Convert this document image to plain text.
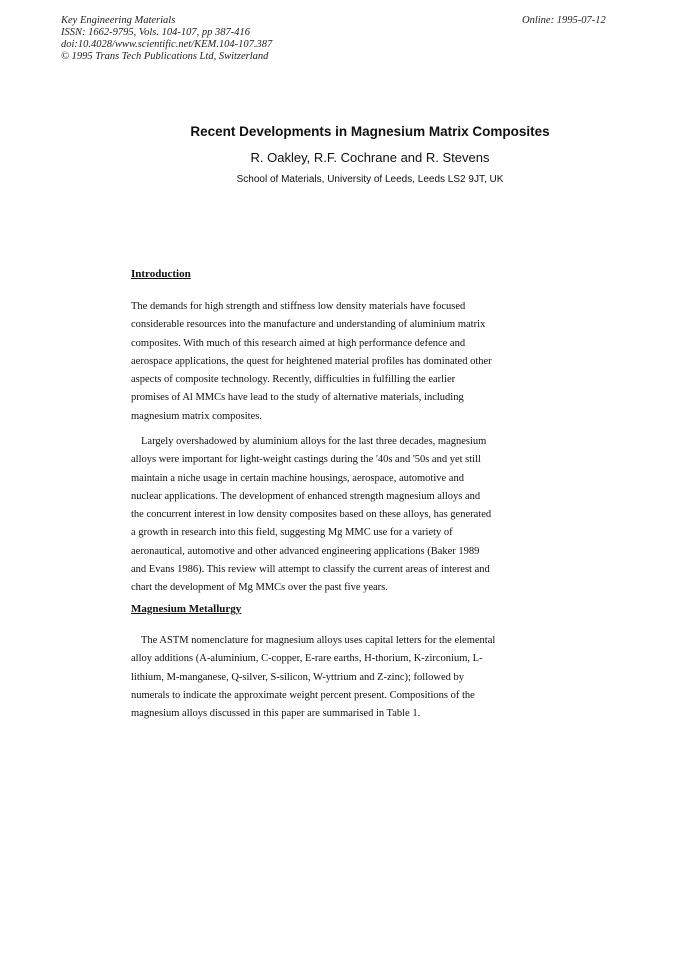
Key Engineering Materials
ISSN: 1662-9795, Vols. 104-107, pp 387-416
doi:10.4028/www.scientific.net/KEM.104-107.387
© 1995 Trans Tech Publications Ltd, Switzerland
Online: 1995-07-12
Recent Developments in Magnesium Matrix Composites
R. Oakley, R.F. Cochrane and R. Stevens
School of Materials, University of Leeds, Leeds LS2 9JT, UK
Introduction

The demands for high strength and stiffness low density materials have focused
considerable resources into the manufacture and understanding of aluminium matrix
composites. With much of this research aimed at high performance defence and
aerospace applications, the quest for heightened material profiles has dominated other
aspects of composite technology. Recently, difficulties in fulfilling the earlier
promises of Al MMCs have lead to the study of alternative materials, including
magnesium matrix composites.

Largely overshadowed by aluminium alloys for the last three decades, magnesium
alloys were important for light-weight castings during the '40s and '50s and yet still
maintain a niche usage in certain machine housings, aerospace, automotive and
nuclear applications. The development of enhanced strength magnesium alloys and
the concurrent interest in low density composites based on these alloys, has generated
a growth in research into this field, suggesting Mg MMC use for a variety of
aeronautical, automotive and other advanced engineering applications (Baker 1989
and Evans 1986). This review will attempt to classify the current areas of interest and
chart the development of Mg MMCs over the past five years.

Magnesium Metallurgy

The ASTM nomenclature for magnesium alloys uses capital letters for the elemental
alloy additions (A-aluminium, C-copper, E-rare earths, H-thorium, K-zirconium, L-
lithium, M-manganese, Q-silver, S-silicon, W-yttrium and Z-zinc); followed by
numerals to indicate the approximate weight percent present. Compositions of the
magnesium alloys discussed in this paper are summarised in Table 1.
